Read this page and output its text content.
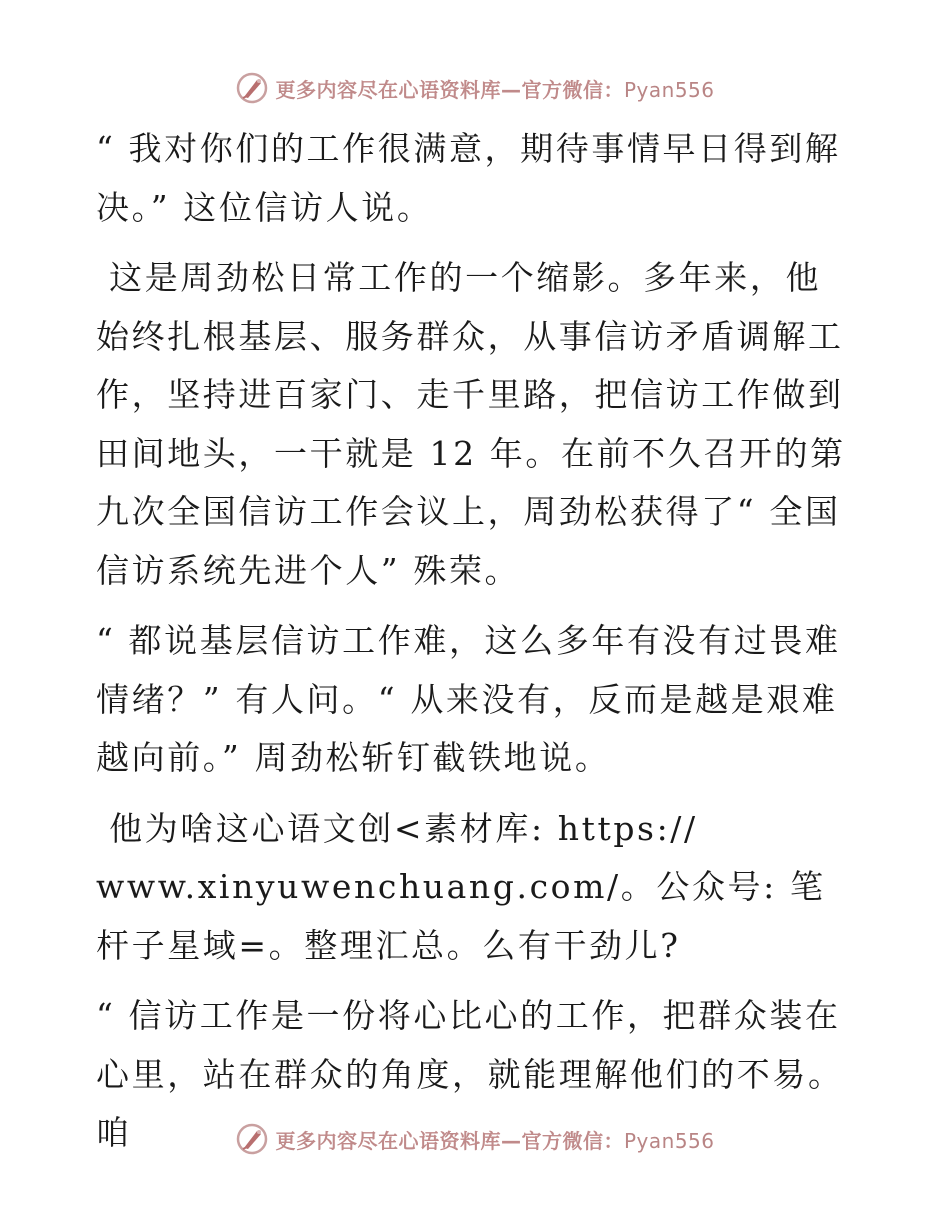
更多内容尽在心语资料库—官方微信：Pyan556

“ 我对你们的工作很满意，期待事情早日得到解决。” 这位信访人说。

这是周劲松日常工作的一个缩影。多年来，他始终扎根基层、服务群众，从事信访矛盾调解工作，坚持进百家门、走千里路，把信访工作做到田间地头，一干就是 12 年。在前不久召开的第九次全国信访工作会议上，周劲松获得了“ 全国信访系统先进个人” 殊荣。

“ 都说基层信访工作难，这么多年有没有过畏难情绪？” 有人问。“ 从来没有，反而是越是艰难越向前。” 周劲松斩钉截铁地说。

他为啥这心语文创<素材库: https://
www.xinyuwenchuang.com/。公众号: 笔杆子星域=。整理汇总。么有干劲儿?

“ 信访工作是一份将心比心的工作，把群众装在心里，站在群众的角度，就能理解他们的不易。咱	更多内容尽在心语资料库—官方微信：Pyan556
